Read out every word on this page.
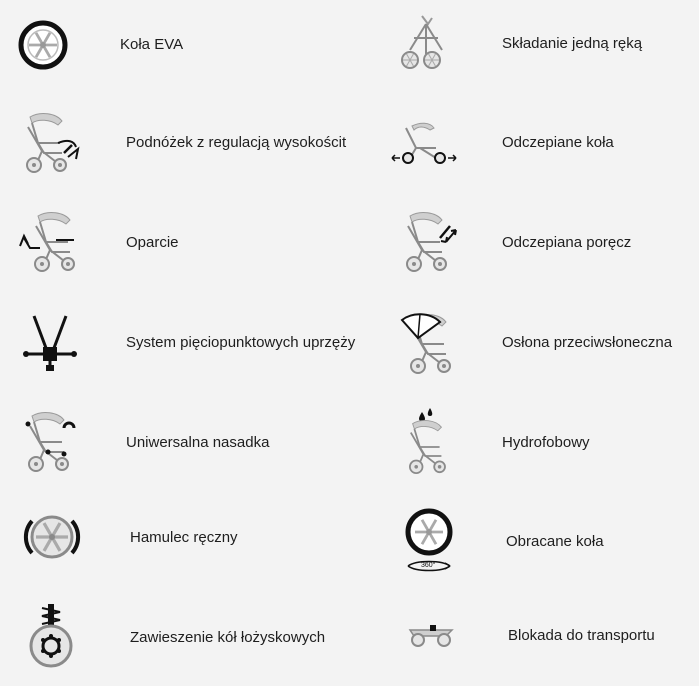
Koła EVA
Podnóżek z regulacją wysokościt
Oparcie
System pięciopunktowych uprzęży
Uniwersalna nasadka
Hamulec ręczny
Zawieszenie kół łożyskowych
Składanie jedną ręką
Odczepiane koła
Odczepiana poręcz
Osłona przeciwsłoneczna
Hydrofobowy
360°
Obracane koła
Blokada do transportu
